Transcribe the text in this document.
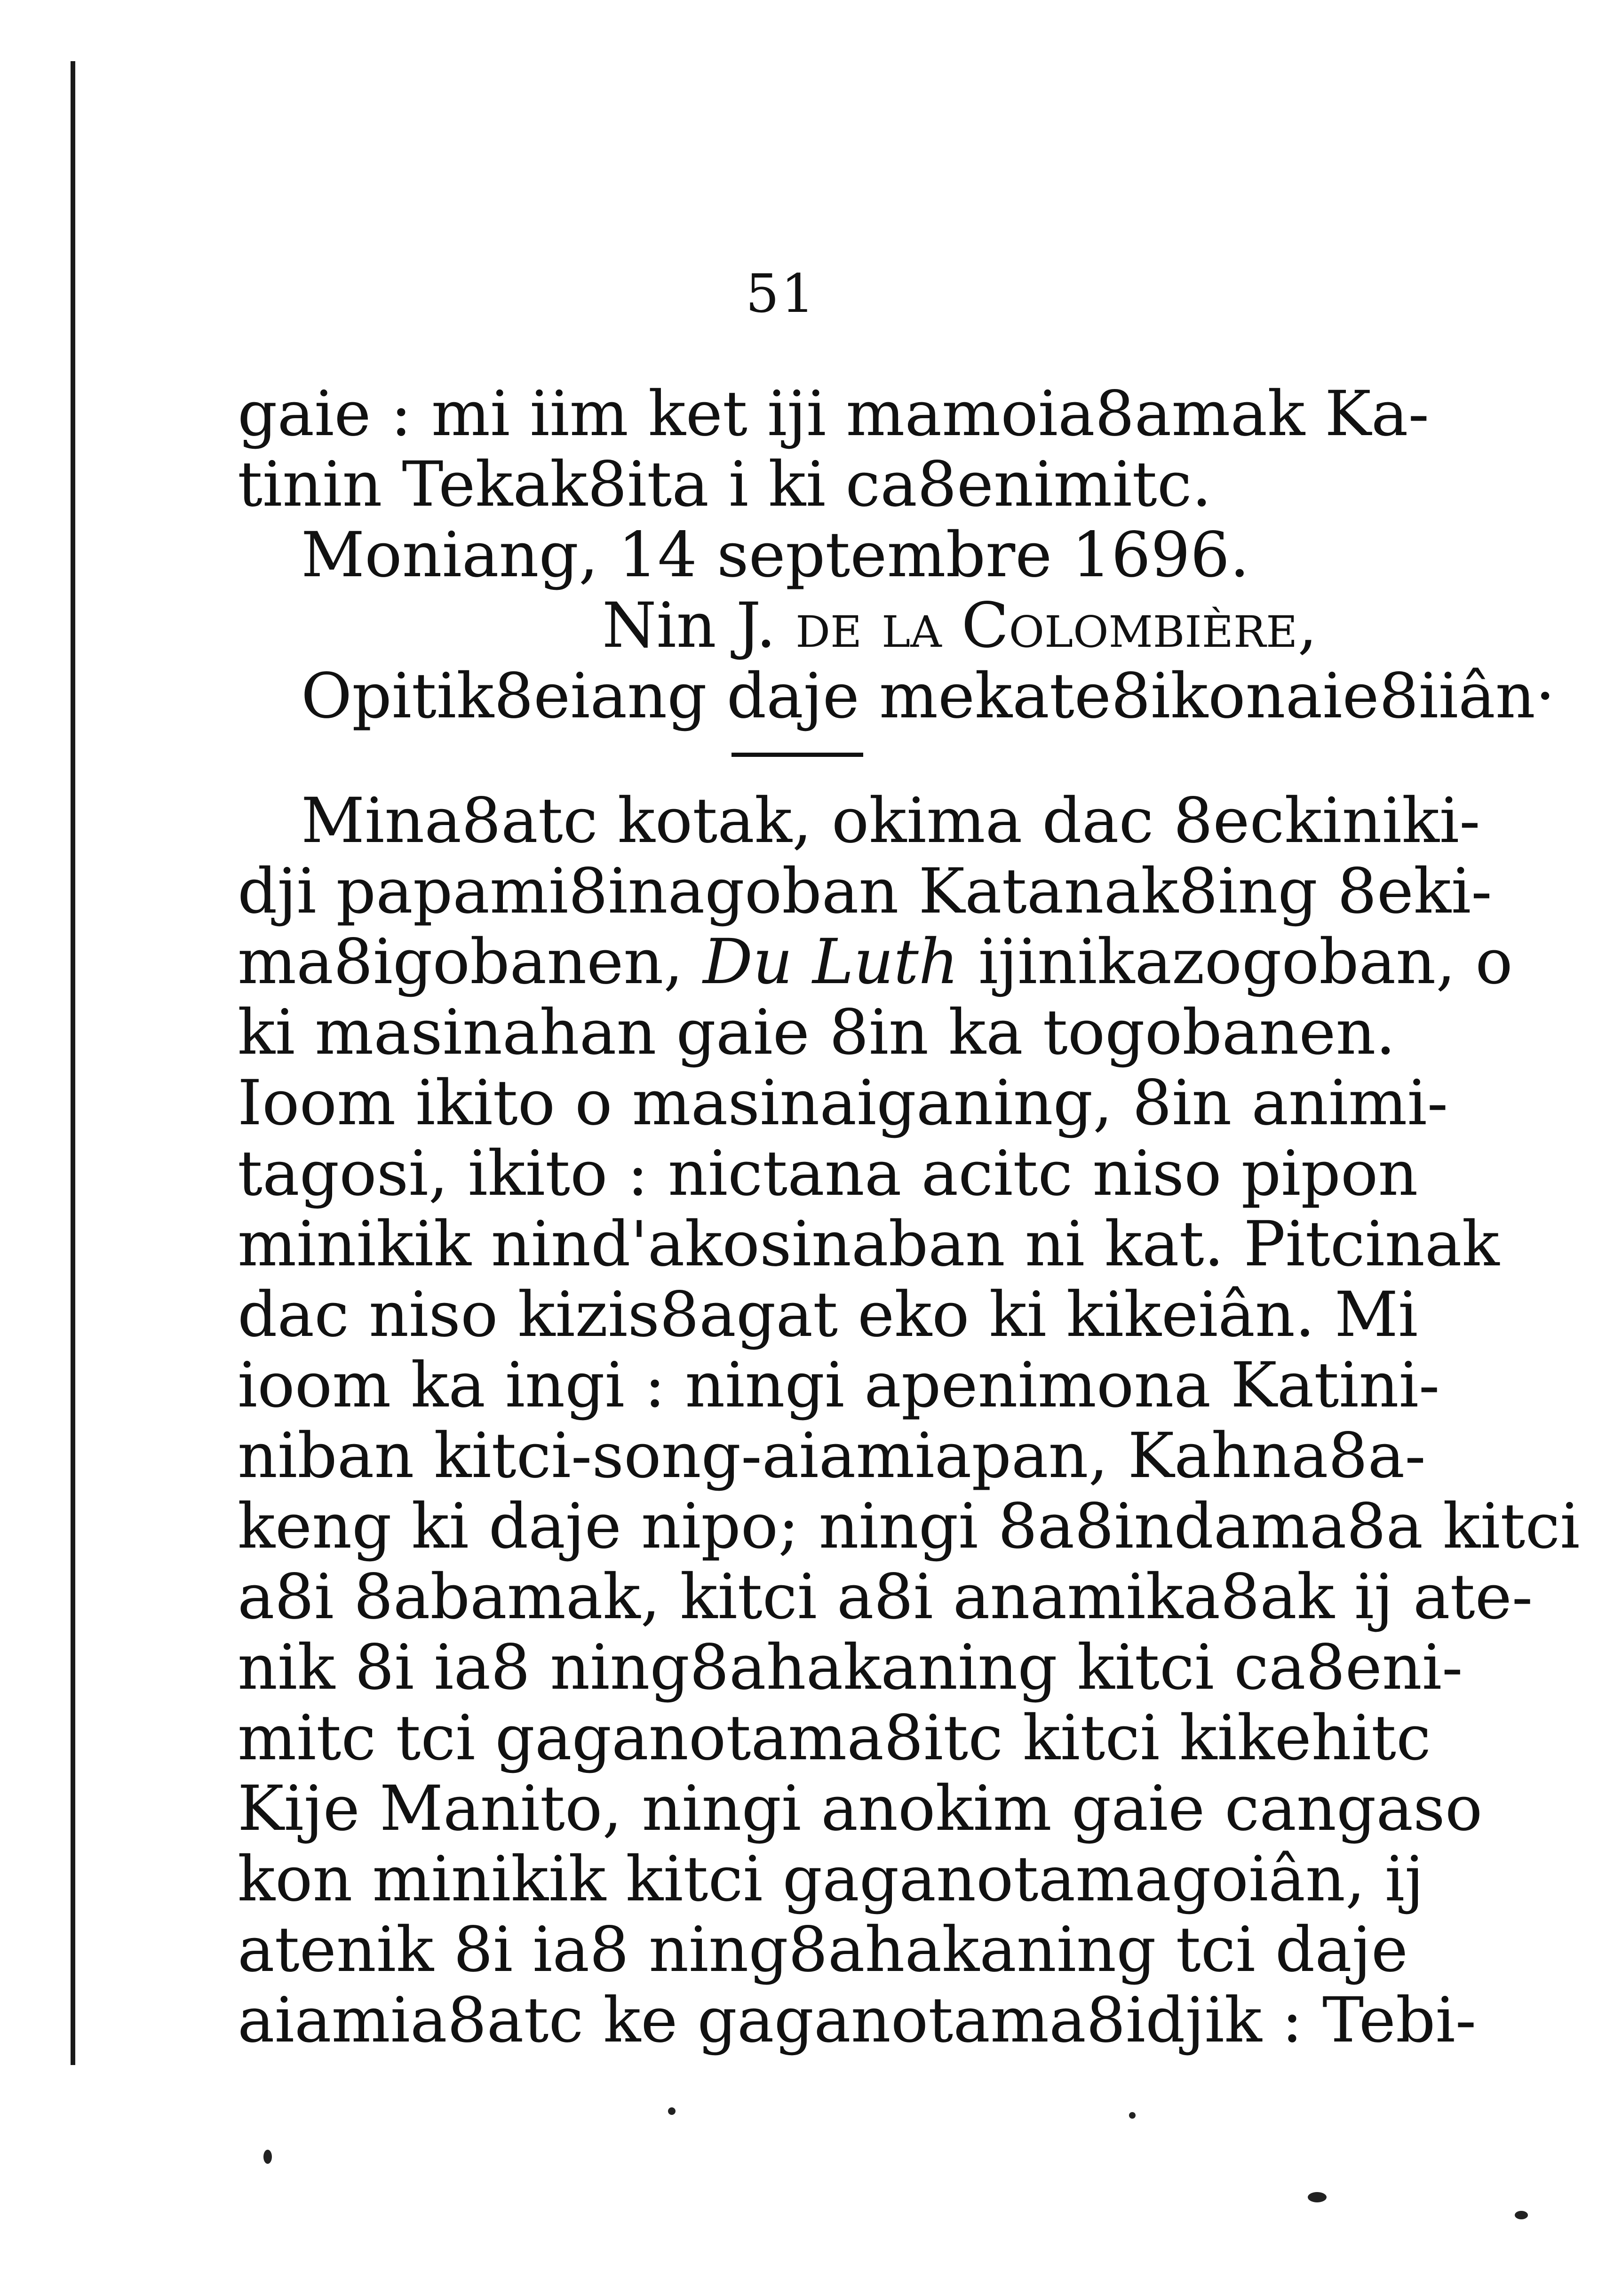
51
gaie : mi iim ket iji mamoia8amak Ka-
tinin Tekak8ita i ki ca8enimitc.
Moniang, 14 septembre 1696.
Nin J. de la Colombière,
Opitik8eiang daje mekate8ikonaie8iiân·
Mina8atc kotak, okima dac 8eckiniki-
dji papami8inagoban Katanak8ing 8eki-
ma8igobanen, Du Luth ijinikazogoban, o
ki masinahan gaie 8in ka togobanen.
Ioom ikito o masinaiganing, 8in animi-
tagosi, ikito : nictana acitc niso pipon
minikik nind'akosinaban ni kat. Pitcinak
dac niso kizis8agat eko ki kikeiân. Mi
ioom ka ingi : ningi apenimona Katini-
niban kitci-song-aiamiapan, Kahna8a-
keng ki daje nipo; ningi 8a8indama8a kitci
a8i 8abamak, kitci a8i anamika8ak ij ate-
nik 8i ia8 ning8ahakaning kitci ca8eni-
mitc tci gaganotama8itc kitci kikehitc
Kije Manito, ningi anokim gaie cangaso
kon minikik kitci gaganotamagoiân, ij
atenik 8i ia8 ning8ahakaning tci daje
aiamia8atc ke gaganotama8idjik : Tebi-
